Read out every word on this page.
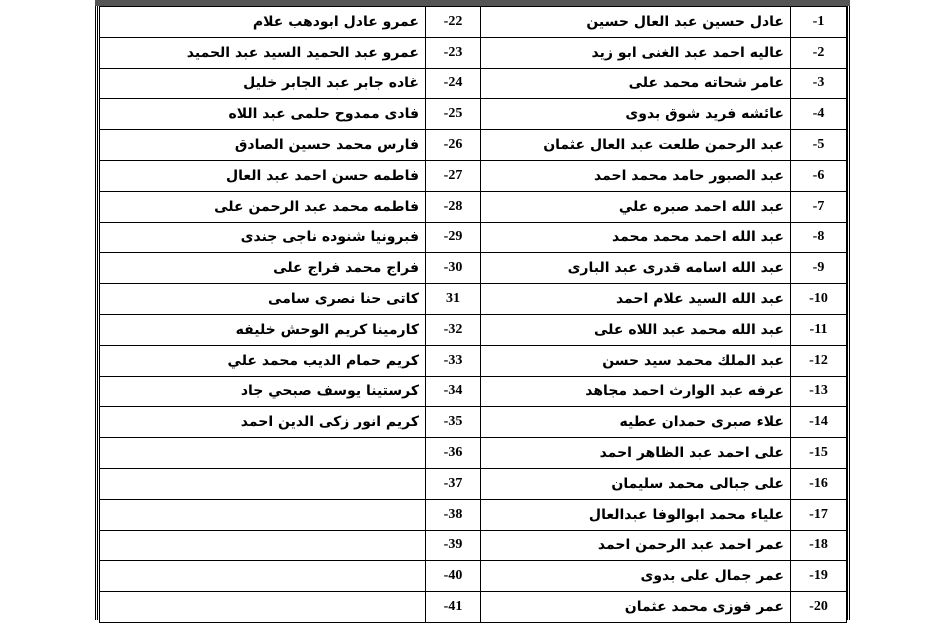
1-	عادل حسين عبد العال حسين	22-	عمرو عادل ابودهب علام
2-	عاليه احمد عبد الغنى ابو زيد	23-	عمرو عبد الحميد السيد عبد الحميد
3-	عامر شحاته محمد على	24-	غاده جابر عبد الجابر خليل
4-	عائشه فريد شوق بدوى	25-	فادى ممدوح حلمى عبد اللاه
5-	عبد الرحمن طلعت عبد العال عثمان	26-	فارس محمد حسين الصادق
6-	عبد الصبور حامد محمد احمد	27-	فاطمه حسن احمد عبد العال
7-	عبد الله احمد صبره علي	28-	فاطمه محمد عبد الرحمن على
8-	عبد الله احمد محمد محمد	29-	فبرونيا شنوده ناجى جندى
9-	عبد الله اسامه قدرى عبد البارى	30-	فراج محمد فراج على
10-	عبد الله السيد علام احمد	31	كاتى حنا نصرى سامى
11-	عبد الله محمد عبد اللاه على	32-	كارمينا كريم الوحش خليفه
12-	عبد الملك محمد سيد حسن	33-	كريم حمام الديب محمد علي
13-	عرفه عبد الوارث احمد مجاهد	34-	كرستينا يوسف صبحي جاد
14-	علاء صبرى حمدان عطيه	35-	كريم انور زكى الدين احمد
15-	على احمد عبد الظاهر احمد	36-	
16-	على جبالى محمد سليمان	37-	
17-	علياء محمد ابوالوفا عبدالعال	38-	
18-	عمر احمد عبد الرحمن احمد	39-	
19-	عمر جمال على بدوى	40-	
20-	عمر فوزى محمد عثمان	41-	
